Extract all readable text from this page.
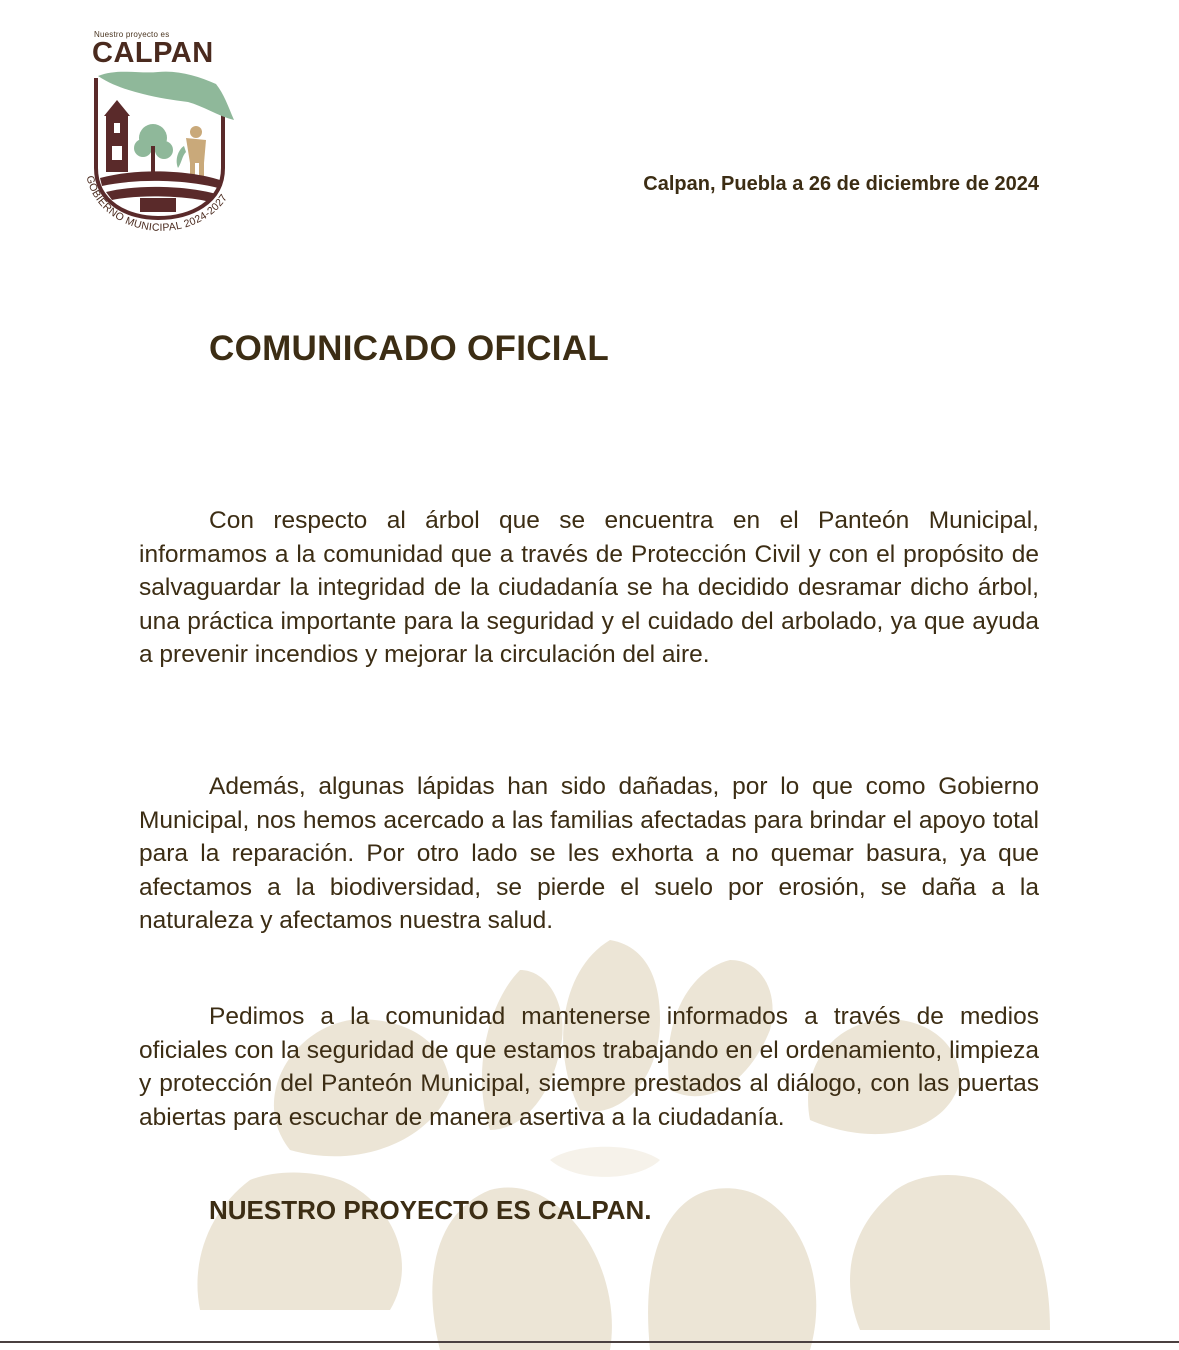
Nuestro proyecto es
CALPAN
GOBIERNO MUNICIPAL 2024-2027
Calpan, Puebla a 26 de diciembre de 2024
COMUNICADO OFICIAL

Con respecto al árbol que se encuentra en el Panteón Municipal, informamos a la comunidad que a través de Protección Civil y con el propósito de salvaguardar la integridad de la ciudadanía se ha decidido desramar dicho árbol, una práctica importante para la seguridad y el cuidado del arbolado, ya que ayuda a prevenir incendios y mejorar la circulación del aire.

Además, algunas lápidas han sido dañadas, por lo que como Gobierno Municipal, nos hemos acercado a las familias afectadas para brindar el apoyo total para la reparación. Por otro lado se les exhorta a no quemar basura, ya que afectamos a la biodiversidad, se pierde el suelo por erosión, se daña a la naturaleza y afectamos nuestra salud.

Pedimos a la comunidad mantenerse informados a través de medios oficiales con la seguridad de que estamos trabajando en el ordenamiento, limpieza y protección del Panteón Municipal, siempre prestados al diálogo, con las puertas abiertas para escuchar de manera asertiva a la ciudadanía.

NUESTRO PROYECTO ES CALPAN.
